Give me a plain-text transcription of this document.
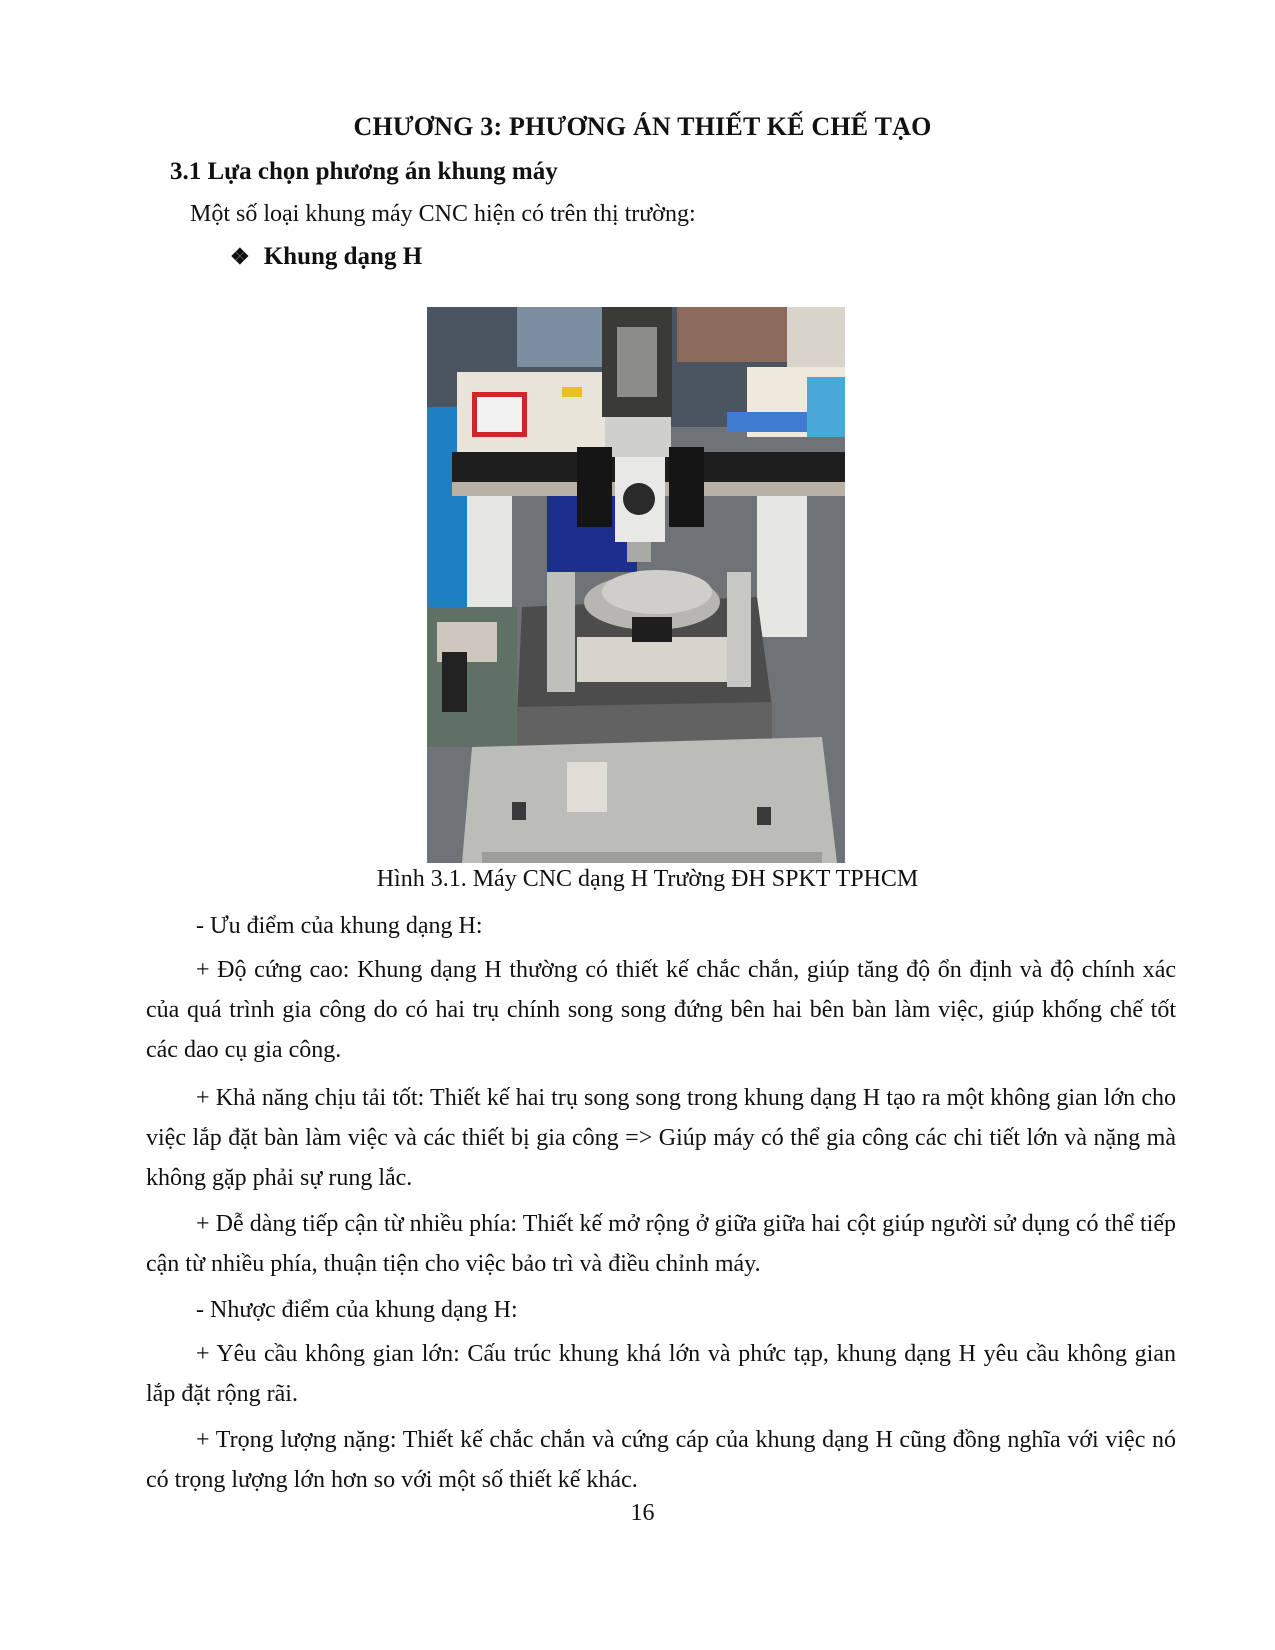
CHƯƠNG 3: PHƯƠNG ÁN THIẾT KẾ CHẾ TẠO
3.1 Lựa chọn phương án khung máy
Một số loại khung máy CNC hiện có trên thị trường:
❖ Khung dạng H
Hình 3.1. Máy CNC dạng H Trường ĐH SPKT TPHCM
- Ưu điểm của khung dạng H:
+ Độ cứng cao: Khung dạng H thường có thiết kế chắc chắn, giúp tăng độ ổn định và độ chính xác của quá trình gia công do có hai trụ chính song song đứng bên hai bên bàn làm việc, giúp khống chế tốt các dao cụ gia công.
+ Khả năng chịu tải tốt: Thiết kế hai trụ song song trong khung dạng H tạo ra một không gian lớn cho việc lắp đặt bàn làm việc và các thiết bị gia công => Giúp máy có thể gia công các chi tiết lớn và nặng mà không gặp phải sự rung lắc.
+ Dễ dàng tiếp cận từ nhiều phía: Thiết kế mở rộng ở giữa giữa hai cột giúp người sử dụng có thể tiếp cận từ nhiều phía, thuận tiện cho việc bảo trì và điều chỉnh máy.
- Nhược điểm của khung dạng H:
+ Yêu cầu không gian lớn: Cấu trúc khung khá lớn và phức tạp, khung dạng H yêu cầu không gian lắp đặt rộng rãi.
+ Trọng lượng nặng: Thiết kế chắc chắn và cứng cáp của khung dạng H cũng đồng nghĩa với việc nó có trọng lượng lớn hơn so với một số thiết kế khác.
16
